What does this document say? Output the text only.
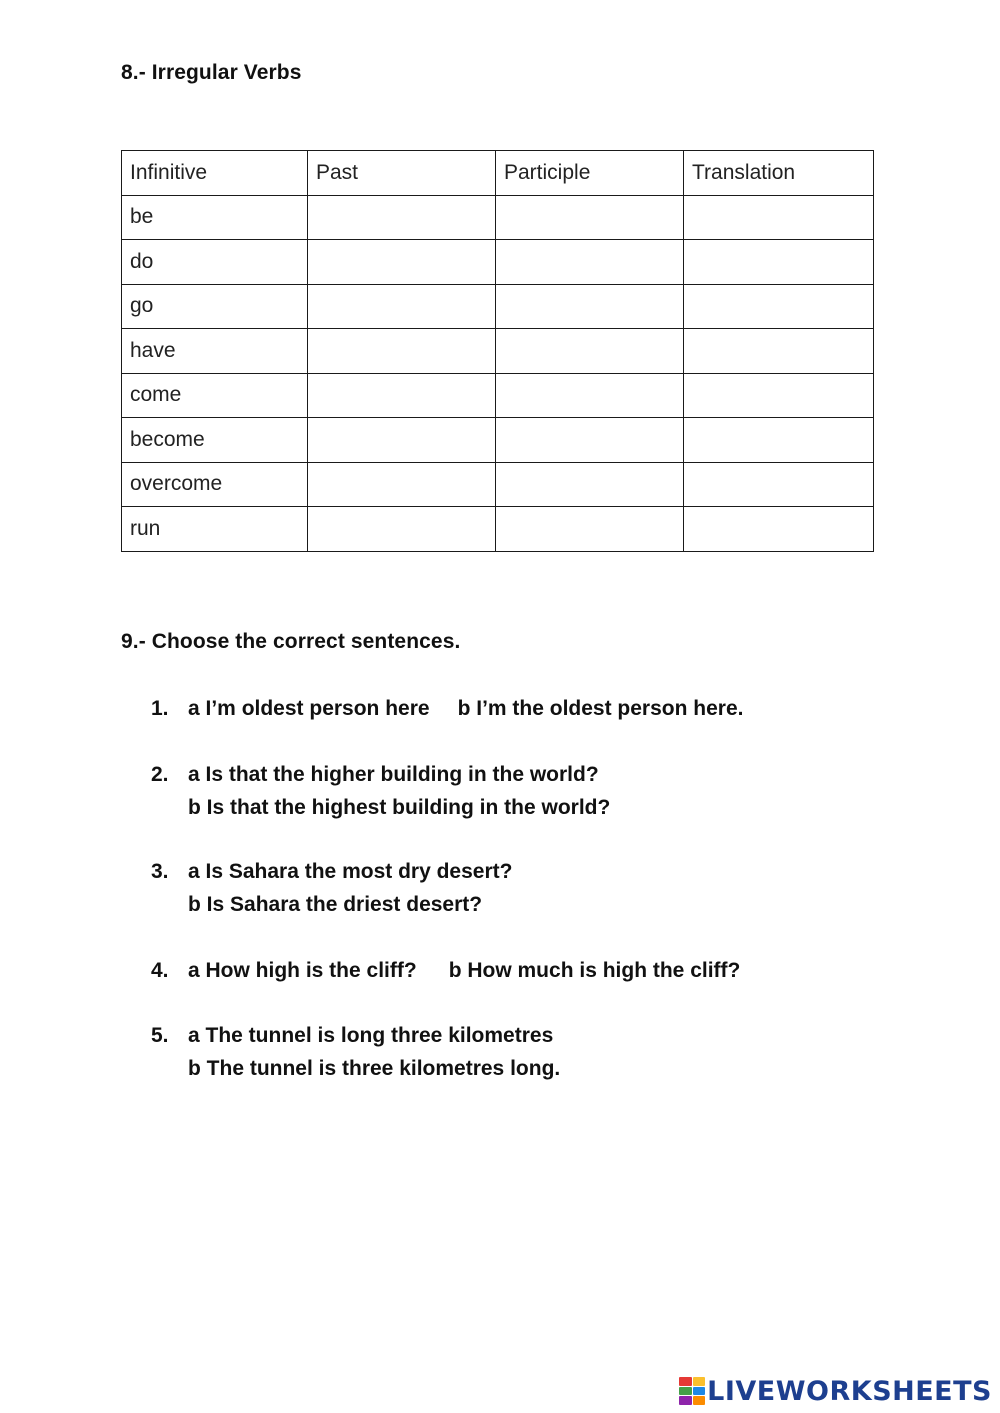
8.- Irregular Verbs
Infinitive	Past	Participle	Translation
be			
do			
go			
have			
come			
become			
overcome			
run			
9.- Choose the correct sentences.
1. a I’m oldest person here b I’m the oldest person here.
2. a Is that the higher building in the world?
b Is that the highest building in the world?
3. a Is Sahara the most dry desert?
b Is Sahara the driest desert?
4. a How high is the cliff? b How much is high the cliff?
5. a The tunnel is long three kilometres
b The tunnel is three kilometres long.
LIVEWORKSHEETS
